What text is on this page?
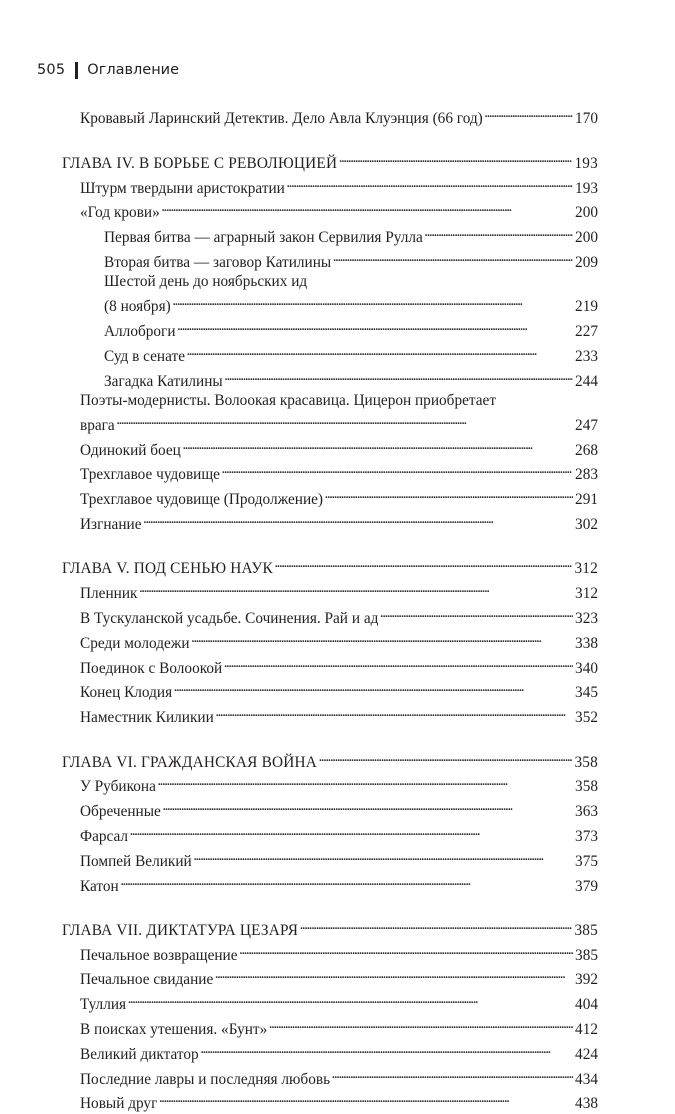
505 Оглавление
Кровавый Ларинский Детектив. Дело Авла Клуэнция (66 год) . . .	170
ГЛАВА IV. В БОРЬБЕ С РЕВОЛЮЦИЕЙ . . .	193
Штурм твердыни аристократии . . .	193
«Год крови» . . .	200
Первая битва — аграрный закон Сервилия Рулла . . .	200
Вторая битва — заговор Катилины . . .	209
Шестой день до ноябрьских ид
(8 ноября) . . .	219
Аллоброги . . .	227
Суд в сенате . . .	233
Загадка Катилины . . .	244
Поэты-модернисты. Волоокая красавица. Цицерон приобретает
врага . . .	247
Одинокий боец . . .	268
Трехглавое чудовище . . .	283
Трехглавое чудовище (Продолжение) . . .	291
Изгнание . . .	302
ГЛАВА V. ПОД СЕНЬЮ НАУК . . .	312
Пленник . . .	312
В Тускуланской усадьбе. Сочинения. Рай и ад . . .	323
Среди молодежи . . .	338
Поединок с Волоокой . . .	340
Конец Клодия . . .	345
Наместник Киликии . . .	352
ГЛАВА VI. ГРАЖДАНСКАЯ ВОЙНА . . .	358
У Рубикона . . .	358
Обреченные . . .	363
Фарсал . . .	373
Помпей Великий . . .	375
Катон . . .	379
ГЛАВА VII. ДИКТАТУРА ЦЕЗАРЯ . . .	385
Печальное возвращение . . .	385
Печальное свидание . . .	392
Туллия . . .	404
В поисках утешения. «Бунт» . . .	412
Великий диктатор . . .	424
Последние лавры и последняя любовь . . .	434
Новый друг . . .	438
